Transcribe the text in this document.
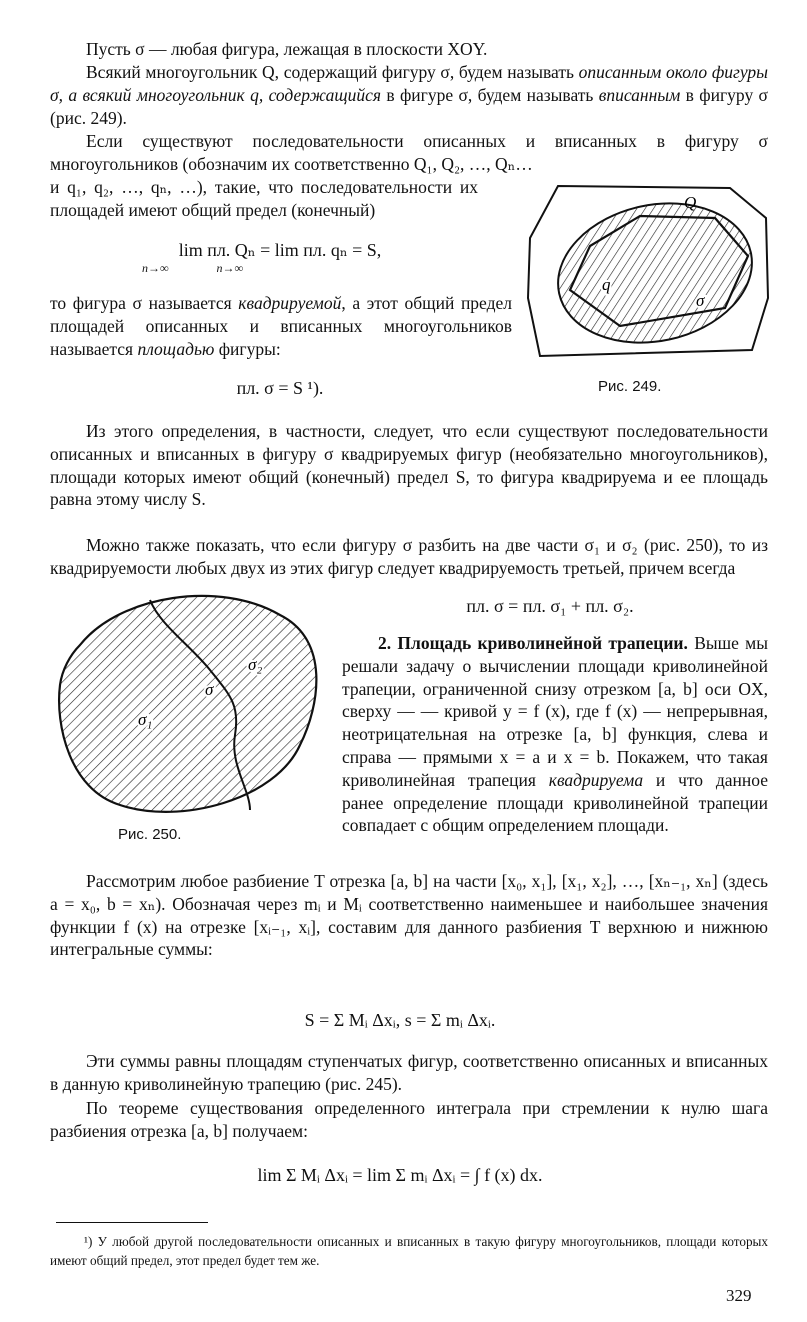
Пусть σ — любая фигура, лежащая в плоскости XOY.
Всякий многоугольник Q, содержащий фигуру σ, будем называть описанным около фигуры σ, а всякий многоугольник q, содержащийся в фигуре σ, будем называть вписанным в фигуру σ (рис. 249).
Если существуют последовательности описанных и вписанных в фигуру σ многоугольников (обозначим их соответственно Q₁, Q₂, …, Qₙ…
и q₁, q₂, …, qₙ, …), такие, что последовательности их площадей имеют общий предел (конечный)
lim пл. Qₙ = lim пл. qₙ = S,
n→∞                n→∞
то фигура σ называется квадрируемой, а этот общий предел площадей описанных и вписанных многоугольников называется площадью фигуры:
пл. σ = S ¹).
Q
q
σ
Рис. 249.
Из этого определения, в частности, следует, что если существуют последовательности описанных и вписанных в фигуру σ квадрируемых фигур (необязательно многоугольников), площади которых имеют общий (конечный) предел S, то фигура квадрируема и ее площадь равна этому числу S.
Можно также показать, что если фигуру σ разбить на две части σ₁ и σ₂ (рис. 250), то из квадрируемости любых двух из этих фигур следует квадрируемость третьей, причем всегда
пл. σ = пл. σ₁ + пл. σ₂.
σ₁
σ₂
σ
Рис. 250.
2. Площадь криволинейной трапеции. Выше мы решали задачу о вычислении площади криволинейной трапеции, ограниченной снизу отрезком [a, b] оси OX, сверху — — кривой y = f (x), где f (x) — непрерывная, неотрицательная на отрезке [a, b] функция, слева и справа — прямыми x = a и x = b. Покажем, что такая криволинейная трапеция квадрируема и что данное ранее определение площади криволинейной трапеции совпадает с общим определением площади.
Рассмотрим любое разбиение T отрезка [a, b] на части [x₀, x₁], [x₁, x₂], …, [xₙ₋₁, xₙ] (здесь a = x₀, b = xₙ). Обозначая через mᵢ и Mᵢ соответственно наименьшее и наибольшее значения функции f (x) на отрезке [xᵢ₋₁, xᵢ], составим для данного разбиения T верхнюю и нижнюю интегральные суммы:
S = Σ Mᵢ Δxᵢ, s = Σ mᵢ Δxᵢ.
Эти суммы равны площадям ступенчатых фигур, соответственно описанных и вписанных в данную криволинейную трапецию (рис. 245).
По теореме существования определенного интеграла при стремлении к нулю шага разбиения отрезка [a, b] получаем:
lim Σ Mᵢ Δxᵢ = lim Σ mᵢ Δxᵢ = ∫ f (x) dx.
¹) У любой другой последовательности описанных и вписанных в такую фигуру многоугольников, площади которых имеют общий предел, этот предел будет тем же.
329
